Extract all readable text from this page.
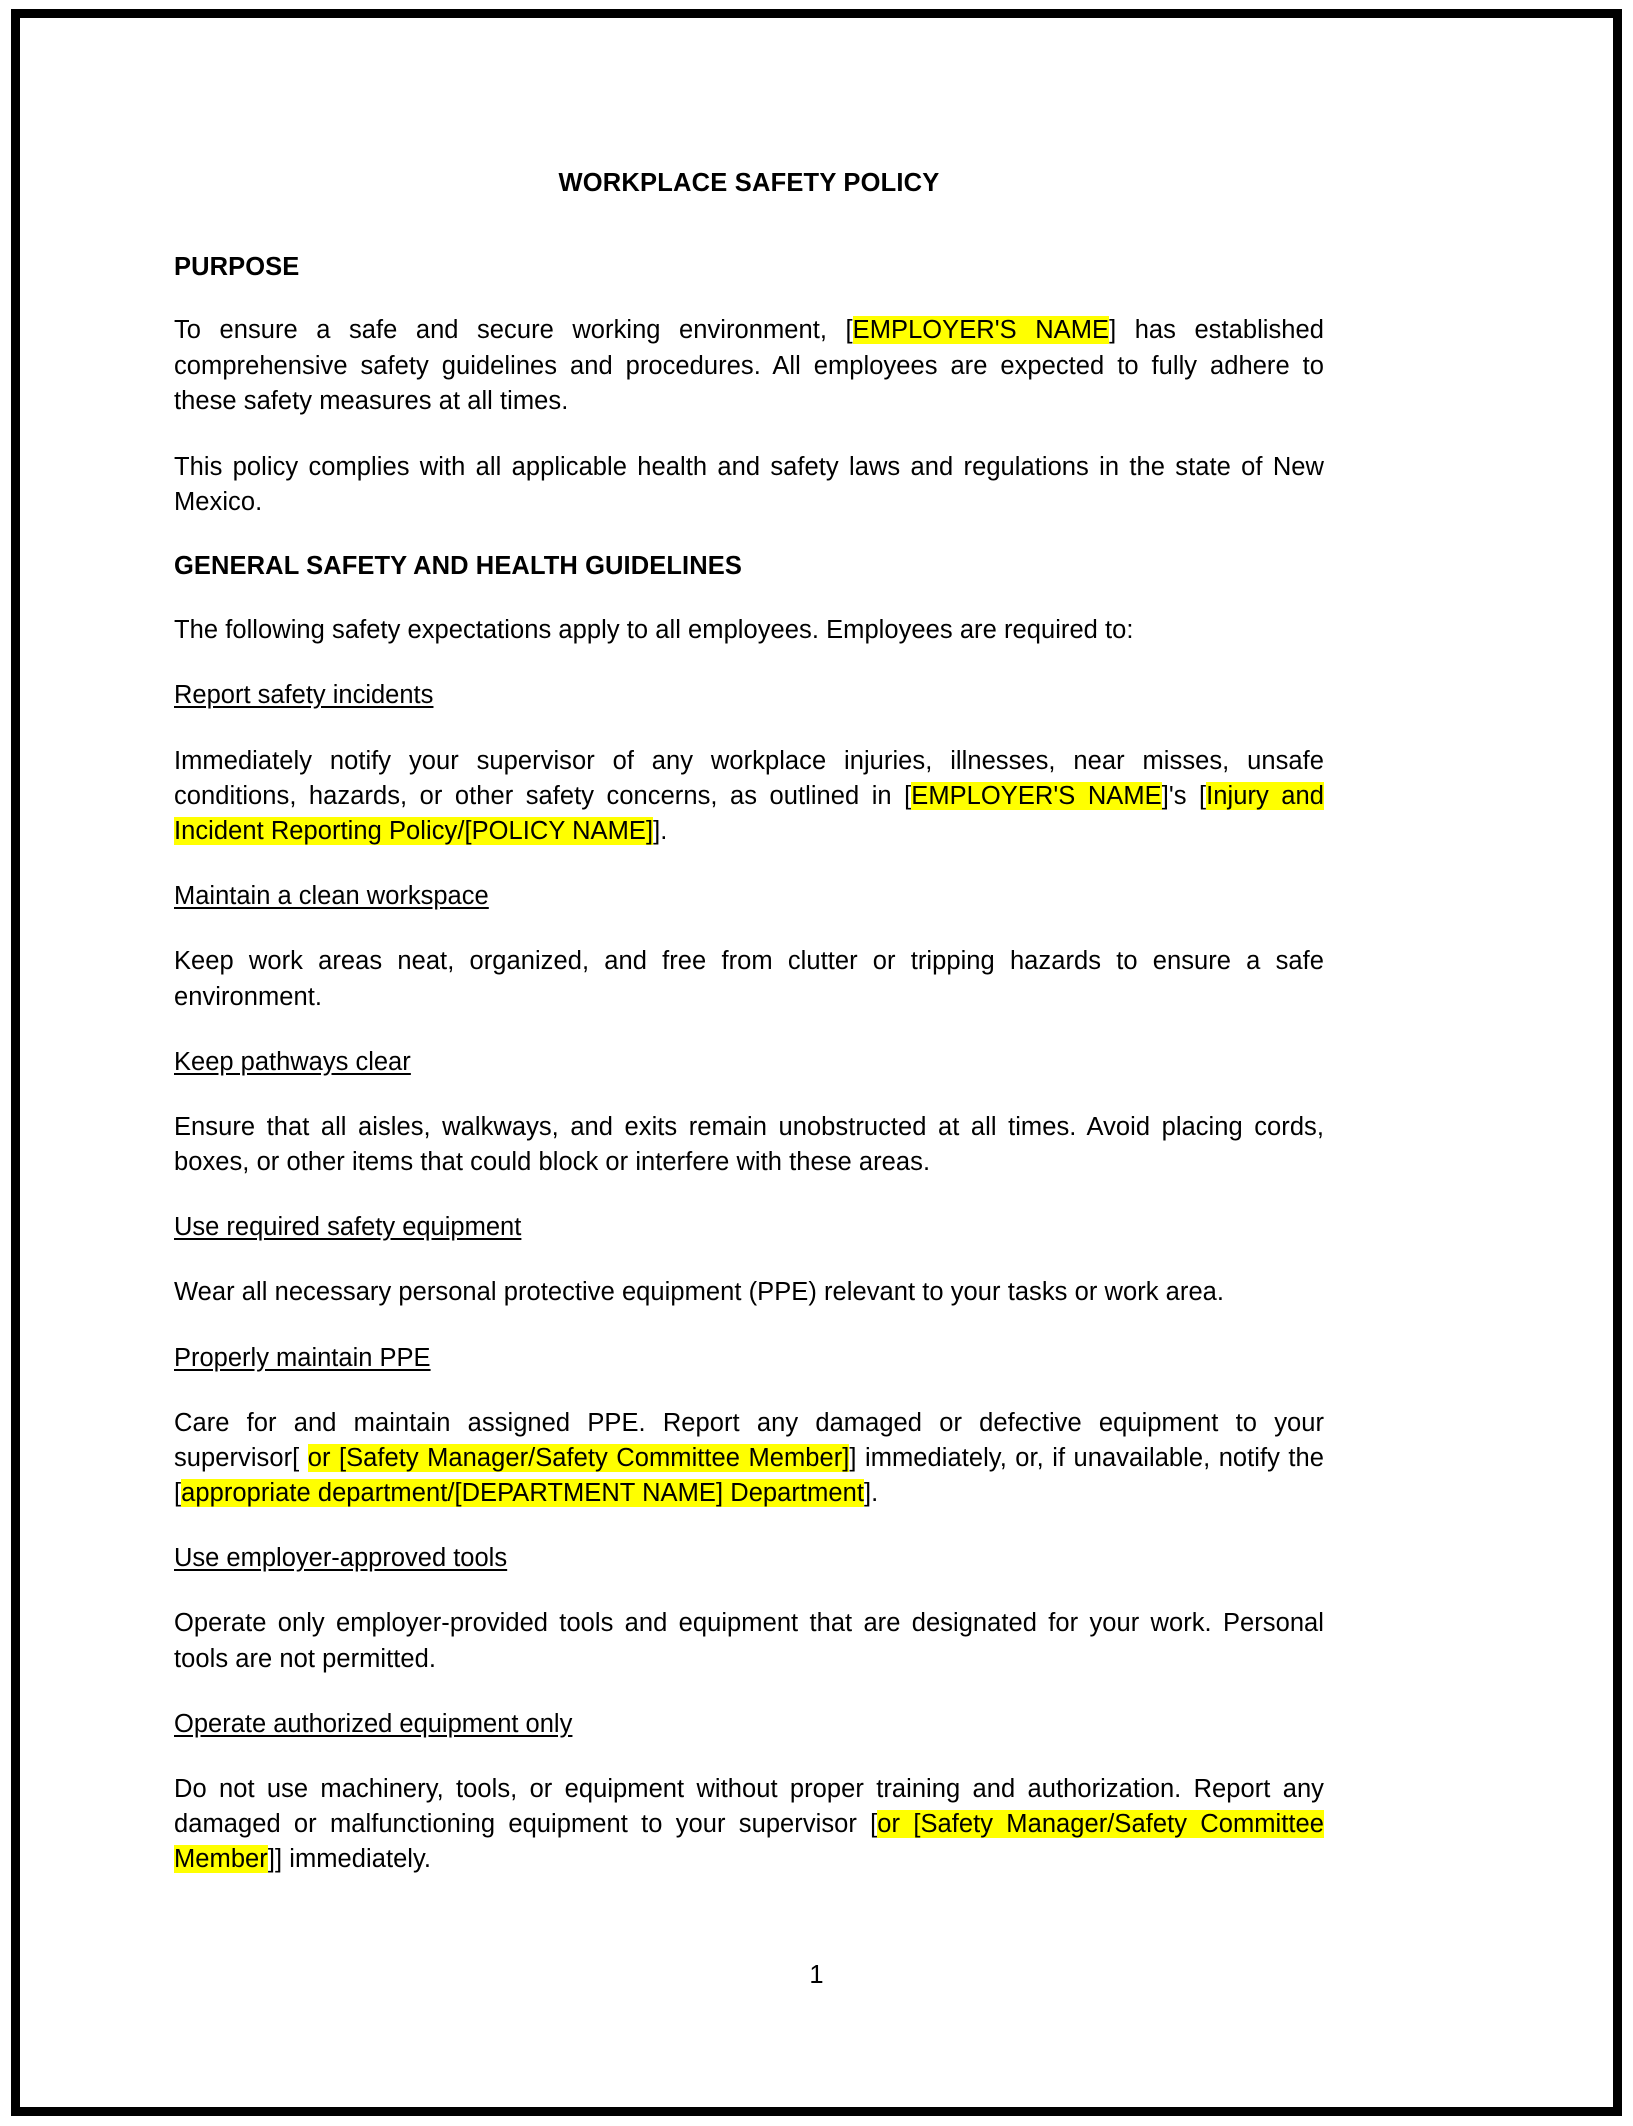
WORKPLACE SAFETY POLICY
PURPOSE

To ensure a safe and secure working environment, [EMPLOYER'S NAME] has established comprehensive safety guidelines and procedures. All employees are expected to fully adhere to these safety measures at all times.

This policy complies with all applicable health and safety laws and regulations in the state of New Mexico.

GENERAL SAFETY AND HEALTH GUIDELINES

The following safety expectations apply to all employees. Employees are required to:

Report safety incidents

Immediately notify your supervisor of any workplace injuries, illnesses, near misses, unsafe conditions, hazards, or other safety concerns, as outlined in [EMPLOYER'S NAME]'s [Injury and Incident Reporting Policy/[POLICY NAME]].

Maintain a clean workspace

Keep work areas neat, organized, and free from clutter or tripping hazards to ensure a safe environment.

Keep pathways clear

Ensure that all aisles, walkways, and exits remain unobstructed at all times. Avoid placing cords, boxes, or other items that could block or interfere with these areas.

Use required safety equipment

Wear all necessary personal protective equipment (PPE) relevant to your tasks or work area.

Properly maintain PPE

Care for and maintain assigned PPE. Report any damaged or defective equipment to your supervisor[ or [Safety Manager/Safety Committee Member]] immediately, or, if unavailable, notify the [appropriate department/[DEPARTMENT NAME] Department].

Use employer-approved tools

Operate only employer-provided tools and equipment that are designated for your work. Personal tools are not permitted.

Operate authorized equipment only

Do not use machinery, tools, or equipment without proper training and authorization. Report any damaged or malfunctioning equipment to your supervisor [or [Safety Manager/Safety Committee Member]] immediately.

1
